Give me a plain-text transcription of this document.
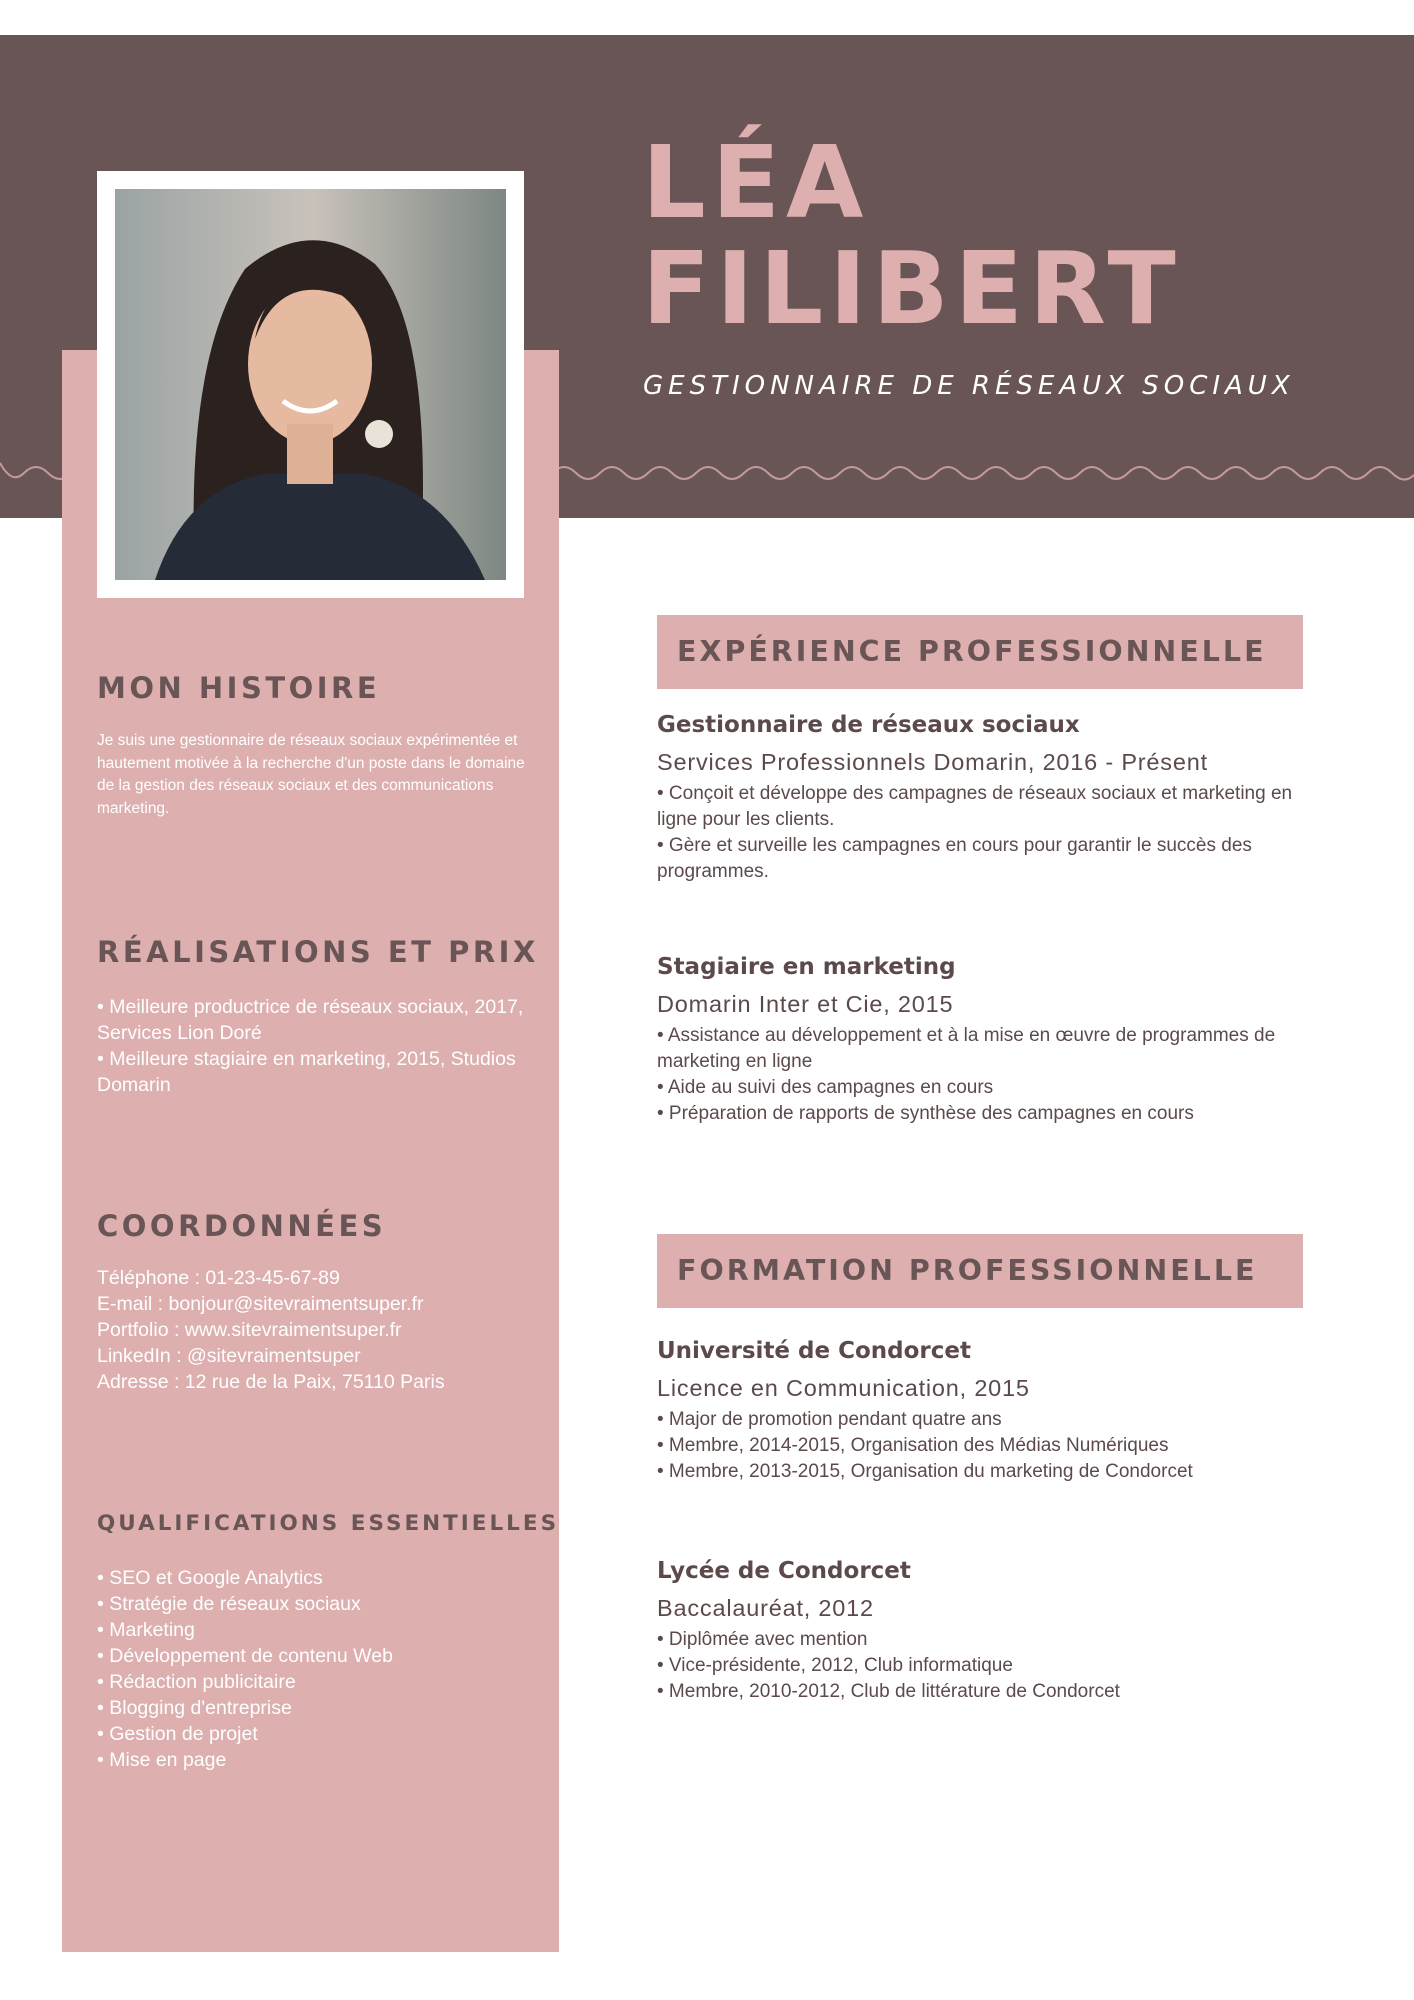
LÉA
FILIBERT

GESTIONNAIRE DE RÉSEAUX SOCIAUX

MON HISTOIRE

Je suis une gestionnaire de réseaux sociaux expérimentée et hautement motivée à la recherche d'un poste dans le domaine de la gestion des réseaux sociaux et des communications marketing.

RÉALISATIONS ET PRIX
• Meilleure productrice de réseaux sociaux, 2017, Services Lion Doré
• Meilleure stagiaire en marketing, 2015, Studios Domarin
COORDONNÉES
Téléphone : 01-23-45-67-89
E-mail : bonjour@sitevraimentsuper.fr
Portfolio : www.sitevraimentsuper.fr
LinkedIn : @sitevraimentsuper
Adresse : 12 rue de la Paix, 75110 Paris
QUALIFICATIONS ESSENTIELLES
• SEO et Google Analytics
• Stratégie de réseaux sociaux
• Marketing
• Développement de contenu Web
• Rédaction publicitaire
• Blogging d'entreprise
• Gestion de projet
• Mise en page
EXPÉRIENCE PROFESSIONNELLE

Gestionnaire de réseaux sociaux

Services Professionnels Domarin, 2016 - Présent

• Conçoit et développe des campagnes de réseaux sociaux et marketing en ligne pour les clients.
• Gère et surveille les campagnes en cours pour garantir le succès des programmes.

Stagiaire en marketing

Domarin Inter et Cie, 2015

• Assistance au développement et à la mise en œuvre de programmes de marketing en ligne
• Aide au suivi des campagnes en cours
• Préparation de rapports de synthèse des campagnes en cours
FORMATION PROFESSIONNELLE

Université de Condorcet

Licence en Communication, 2015

• Major de promotion pendant quatre ans
• Membre, 2014-2015, Organisation des Médias Numériques
• Membre, 2013-2015, Organisation du marketing de Condorcet

Lycée de Condorcet

Baccalauréat, 2012

• Diplômée avec mention
• Vice-présidente, 2012, Club informatique
• Membre, 2010-2012, Club de littérature de Condorcet
